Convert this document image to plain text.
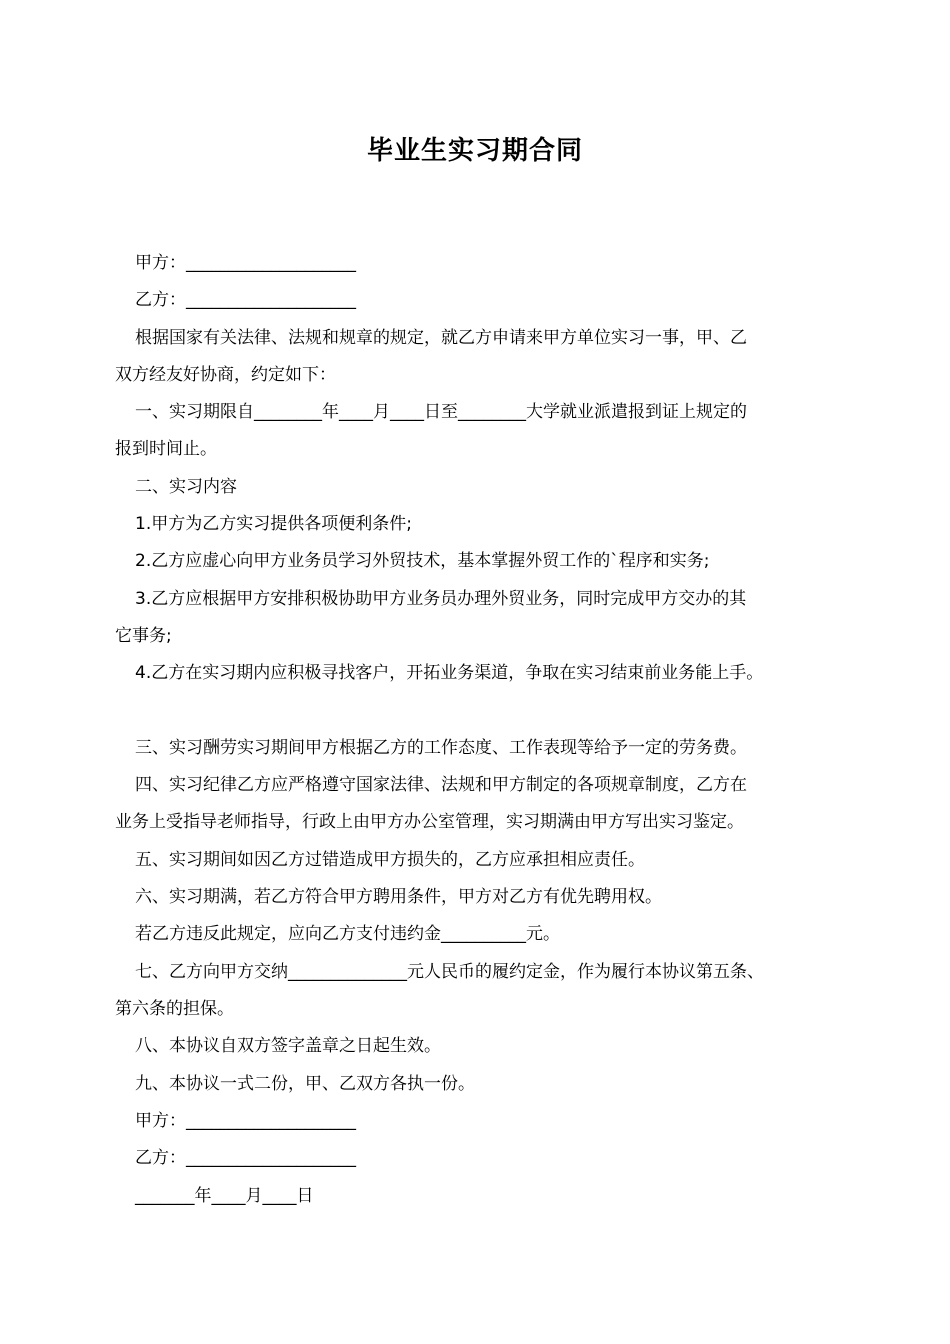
毕业生实习期合同
甲方：____________________
乙方：____________________
根据国家有关法律、法规和规章的规定，就乙方申请来甲方单位实习一事，甲、乙
双方经友好协商，约定如下：
一、实习期限自________年____月____日至________大学就业派遣报到证上规定的
报到时间止。
二、实习内容
1.甲方为乙方实习提供各项便利条件;
2.乙方应虚心向甲方业务员学习外贸技术，基本掌握外贸工作的`程序和实务;
3.乙方应根据甲方安排积极协助甲方业务员办理外贸业务，同时完成甲方交办的其
它事务;
4.乙方在实习期内应积极寻找客户，开拓业务渠道，争取在实习结束前业务能上手。
三、实习酬劳实习期间甲方根据乙方的工作态度、工作表现等给予一定的劳务费。
四、实习纪律乙方应严格遵守国家法律、法规和甲方制定的各项规章制度，乙方在
业务上受指导老师指导，行政上由甲方办公室管理，实习期满由甲方写出实习鉴定。
五、实习期间如因乙方过错造成甲方损失的，乙方应承担相应责任。
六、实习期满，若乙方符合甲方聘用条件，甲方对乙方有优先聘用权。
若乙方违反此规定，应向乙方支付违约金__________元。
七、乙方向甲方交纳______________元人民币的履约定金，作为履行本协议第五条、
第六条的担保。
八、本协议自双方签字盖章之日起生效。
九、本协议一式二份，甲、乙双方各执一份。
甲方：____________________
乙方：____________________
_______年____月____日
